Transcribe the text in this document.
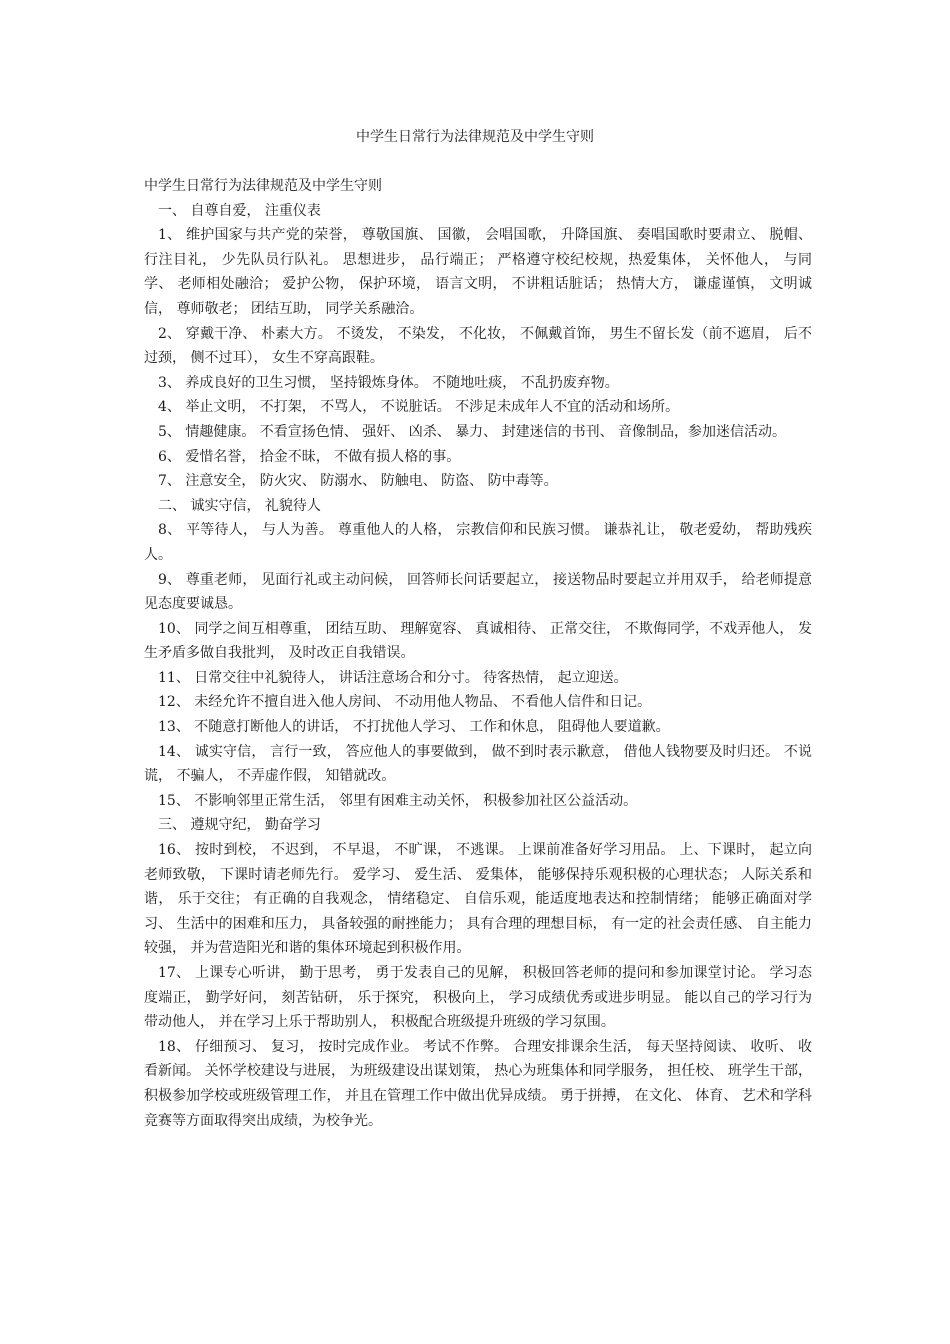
中学生日常行为法律规范及中学生守则

中学生日常行为法律规范及中学生守则

一、 自尊自爱， 注重仪表

1、 维护国家与共产党的荣誉， 尊敬国旗、 国徽， 会唱国歌， 升降国旗、 奏唱国歌时要肃立、 脱帽、 行注目礼， 少先队员行队礼。 思想进步， 品行端正； 严格遵守校纪校规，热爱集体， 关怀他人， 与同学、 老师相处融洽； 爱护公物， 保护环境， 语言文明， 不讲粗话脏话； 热情大方， 谦虚谨慎， 文明诚信， 尊师敬老； 团结互助， 同学关系融洽。

2、 穿戴干净、 朴素大方。 不烫发， 不染发， 不化妆， 不佩戴首饰， 男生不留长发（前不遮眉， 后不过颈， 侧不过耳）， 女生不穿高跟鞋。

3、 养成良好的卫生习惯， 坚持锻炼身体。 不随地吐痰， 不乱扔废弃物。

4、 举止文明， 不打架， 不骂人， 不说脏话。 不涉足未成年人不宜的活动和场所。

5、 情趣健康。 不看宣扬色情、 强奸、 凶杀、 暴力、 封建迷信的书刊、 音像制品，参加迷信活动。

6、 爱惜名誉， 拾金不昧， 不做有损人格的事。

7、 注意安全， 防火灾、 防溺水、 防触电、 防盗、 防中毒等。

二、 诚实守信， 礼貌待人

8、 平等待人， 与人为善。 尊重他人的人格， 宗教信仰和民族习惯。 谦恭礼让， 敬老爱幼， 帮助残疾人。

9、 尊重老师， 见面行礼或主动问候， 回答师长问话要起立， 接送物品时要起立并用双手， 给老师提意见态度要诚恳。

10、 同学之间互相尊重， 团结互助、 理解宽容、 真诚相待、 正常交往， 不欺侮同学，不戏弄他人， 发生矛盾多做自我批判， 及时改正自我错误。

11、 日常交往中礼貌待人， 讲话注意场合和分寸。 待客热情， 起立迎送。

12、 未经允许不擅自进入他人房间、 不动用他人物品、 不看他人信件和日记。

13、 不随意打断他人的讲话， 不打扰他人学习、 工作和休息， 阻碍他人要道歉。

14、 诚实守信， 言行一致， 答应他人的事要做到， 做不到时表示歉意， 借他人钱物要及时归还。 不说谎， 不骗人， 不弄虚作假， 知错就改。

15、 不影响邻里正常生活， 邻里有困难主动关怀， 积极参加社区公益活动。

三、 遵规守纪， 勤奋学习

16、 按时到校， 不迟到， 不早退， 不旷课， 不逃课。 上课前准备好学习用品。 上、下课时， 起立向老师致敬， 下课时请老师先行。 爱学习、 爱生活、 爱集体， 能够保持乐观积极的心理状态； 人际关系和谐， 乐于交往； 有正确的自我观念， 情绪稳定、 自信乐观，能适度地表达和控制情绪； 能够正确面对学习、 生活中的困难和压力， 具备较强的耐挫能力； 具有合理的理想目标， 有一定的社会责任感、 自主能力较强， 并为营造阳光和谐的集体环境起到积极作用。

17、 上课专心听讲， 勤于思考， 勇于发表自己的见解， 积极回答老师的提问和参加课堂讨论。 学习态度端正， 勤学好问， 刻苦钻研， 乐于探究， 积极向上， 学习成绩优秀或进步明显。 能以自己的学习行为带动他人， 并在学习上乐于帮助别人， 积极配合班级提升班级的学习氛围。

18、 仔细预习、 复习， 按时完成作业。 考试不作弊。 合理安排课余生活， 每天坚持阅读、 收听、 收看新闻。 关怀学校建设与进展， 为班级建设出谋划策， 热心为班集体和同学服务， 担任校、 班学生干部， 积极参加学校或班级管理工作， 并且在管理工作中做出优异成绩。 勇于拼搏， 在文化、 体育、 艺术和学科竞赛等方面取得突出成绩，为校争光。
